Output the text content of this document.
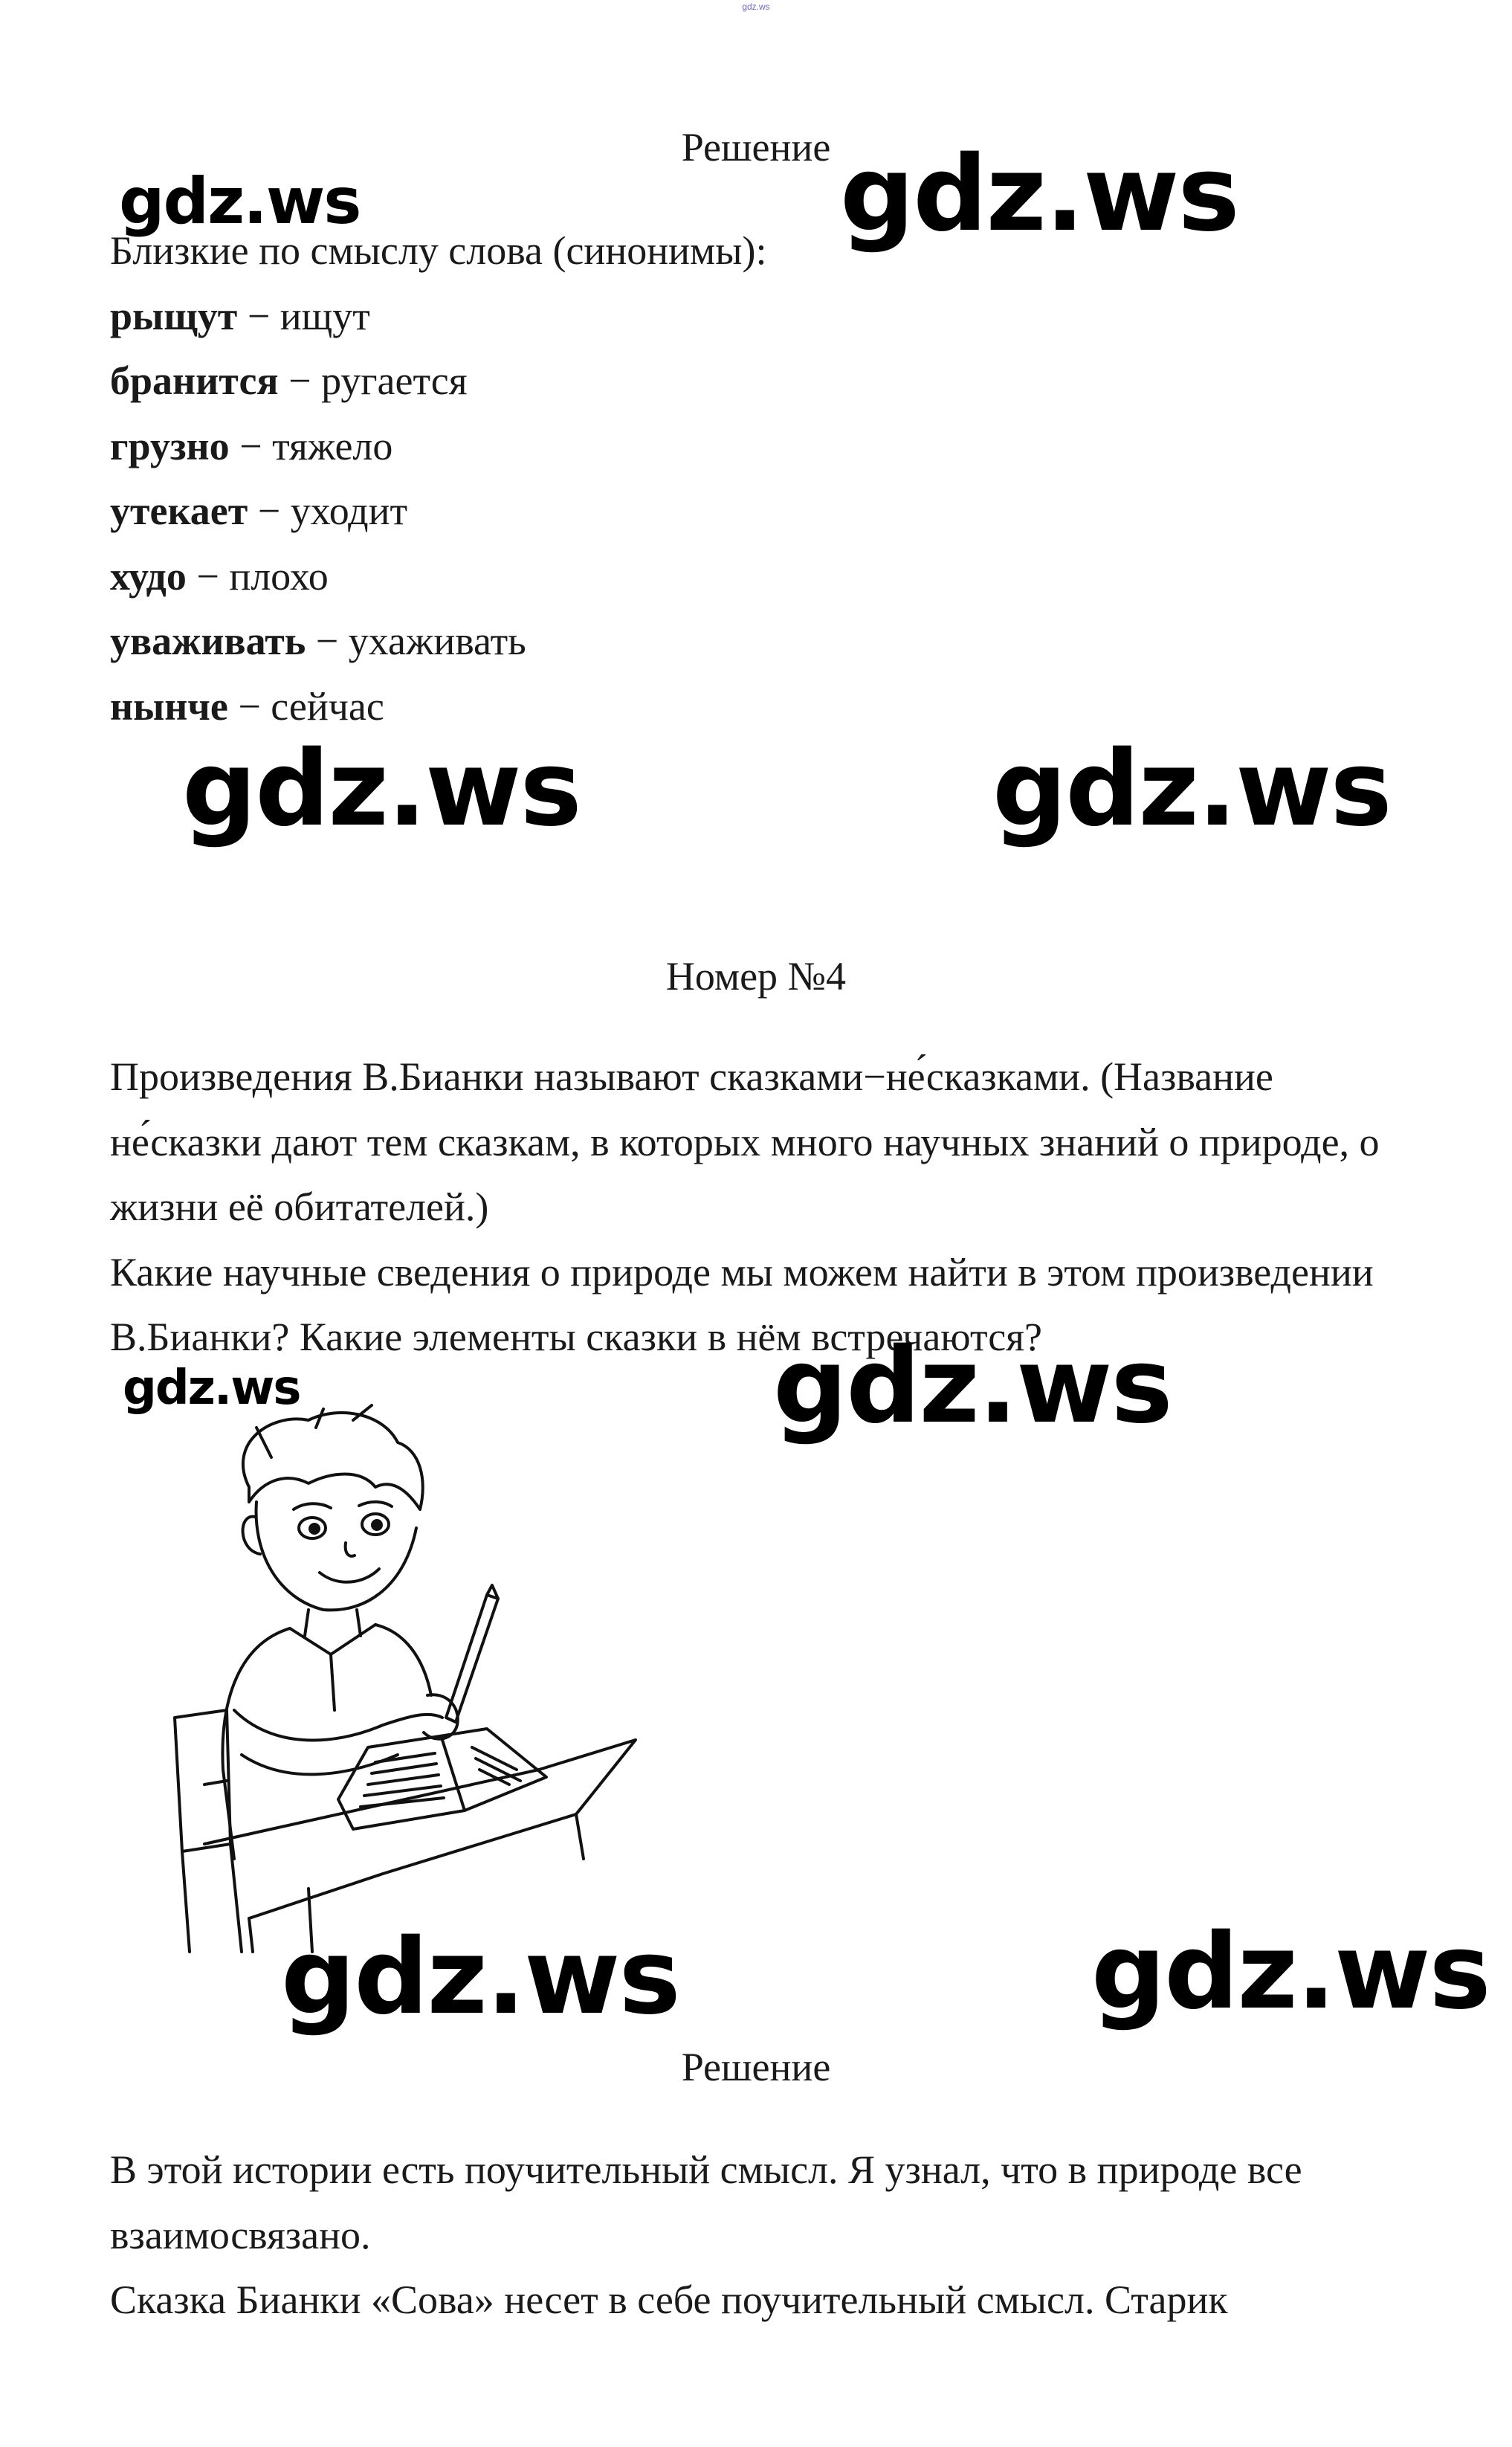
gdz.ws
Решение
Близкие по смыслу слова (синонимы):
рыщут − ищут
бранится − ругается
грузно − тяжело
утекает − уходит
худо − плохо
уваживать − ухаживать
нынче − сейчас
Номер №4

Произведения В.Бианки называют сказками−не́сказками. (Название не́сказки дают тем сказкам, в которых много научных знаний о природе, о жизни её обитателей.)

Какие научные сведения о природе мы можем найти в этом произведении В.Бианки? Какие элементы сказки в нём встречаются?

Решение

В этой истории есть поучительный смысл. Я узнал, что в природе все взаимосвязано.

Сказка Бианки «Сова» несет в себе поучительный смысл. Старик

gdz.ws	gdz.ws
gdz.ws	gdz.ws
gdz.ws	gdz.ws
gdz.ws	gdz.ws
